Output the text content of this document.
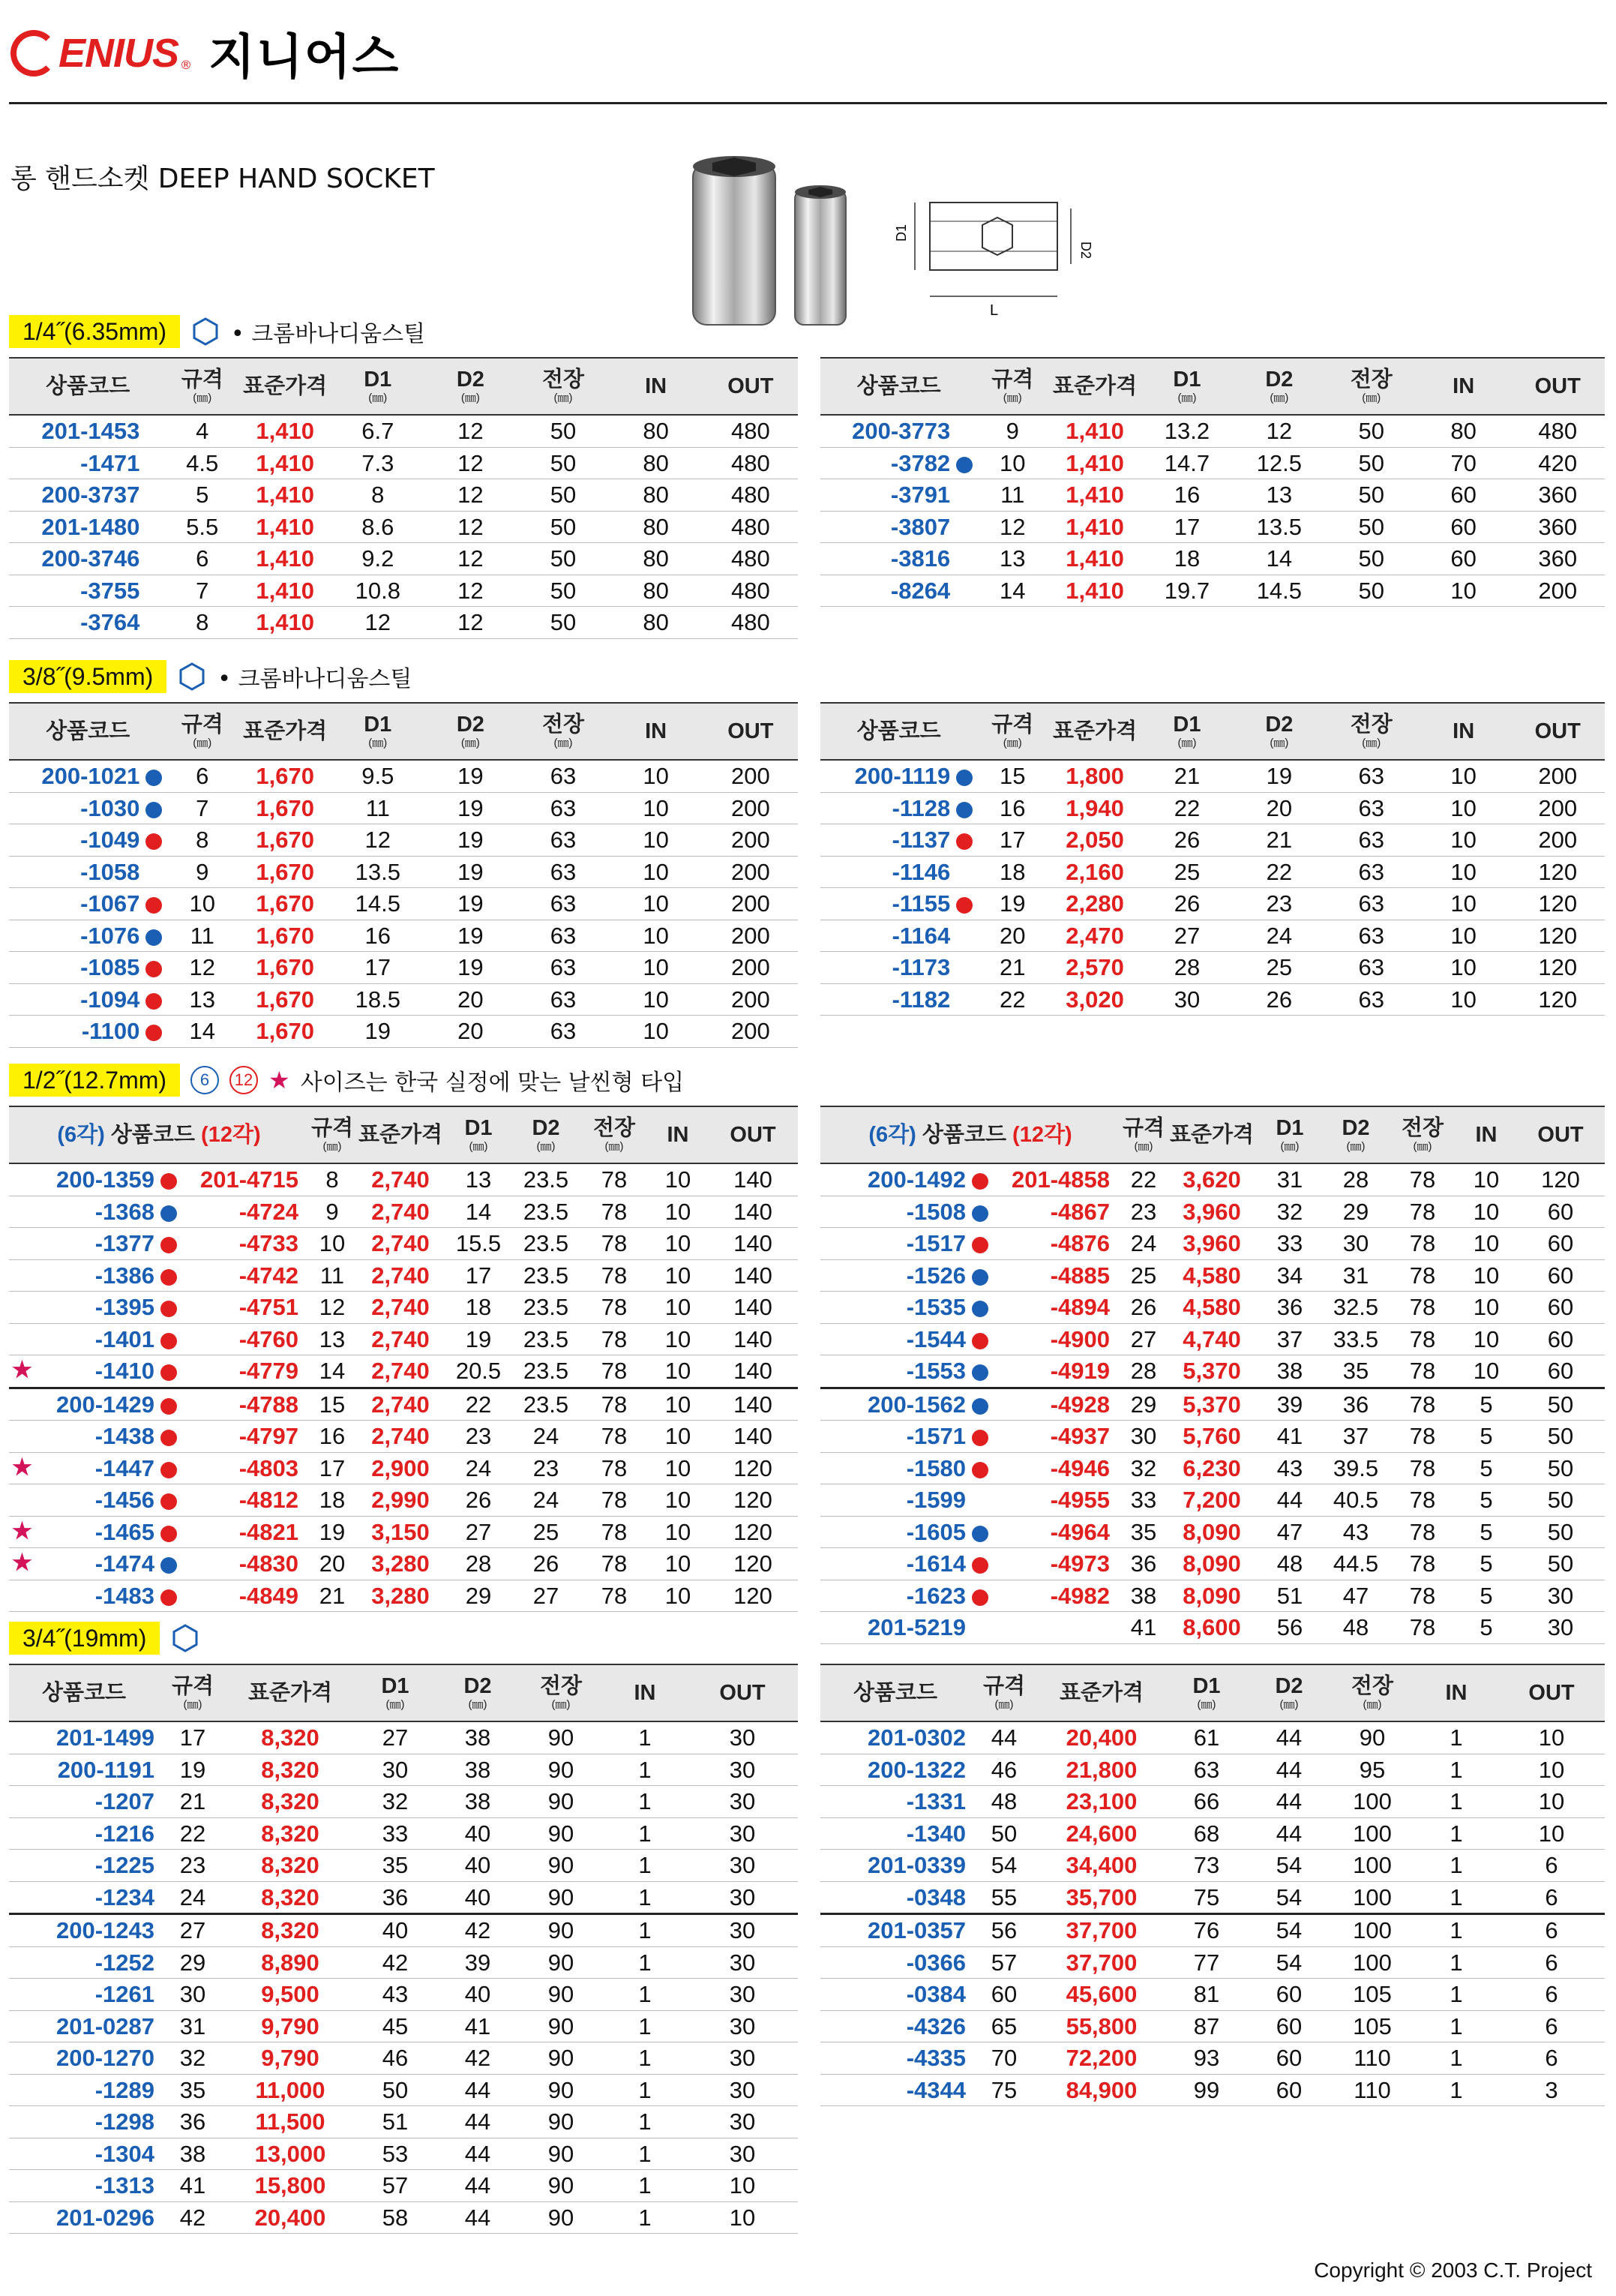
ENIUS ® 지니어스
롱 핸드소켓 DEEP HAND SOCKET
D1
D2
L
1/4˝(6.35mm)	• 크롬바나디움스틸
상품코드	규격
(㎜)	표준가격	D1
(㎜)	D2
(㎜)	전장
(㎜)	IN	OUT
201-1453	4	1,410	6.7	12	50	80	480
-1471	4.5	1,410	7.3	12	50	80	480
200-3737	5	1,410	8	12	50	80	480
201-1480	5.5	1,410	8.6	12	50	80	480
200-3746	6	1,410	9.2	12	50	80	480
-3755	7	1,410	10.8	12	50	80	480
-3764	8	1,410	12	12	50	80	480
상품코드	규격
(㎜)	표준가격	D1
(㎜)	D2
(㎜)	전장
(㎜)	IN	OUT
200-3773	9	1,410	13.2	12	50	80	480
-3782	10	1,410	14.7	12.5	50	70	420
-3791	11	1,410	16	13	50	60	360
-3807	12	1,410	17	13.5	50	60	360
-3816	13	1,410	18	14	50	60	360
-8264	14	1,410	19.7	14.5	50	10	200
3/8˝(9.5mm)	• 크롬바나디움스틸
상품코드	규격
(㎜)	표준가격	D1
(㎜)	D2
(㎜)	전장
(㎜)	IN	OUT
200-1021	6	1,670	9.5	19	63	10	200
-1030	7	1,670	11	19	63	10	200
-1049	8	1,670	12	19	63	10	200
-1058	9	1,670	13.5	19	63	10	200
-1067	10	1,670	14.5	19	63	10	200
-1076	11	1,670	16	19	63	10	200
-1085	12	1,670	17	19	63	10	200
-1094	13	1,670	18.5	20	63	10	200
-1100	14	1,670	19	20	63	10	200
상품코드	규격
(㎜)	표준가격	D1
(㎜)	D2
(㎜)	전장
(㎜)	IN	OUT
200-1119	15	1,800	21	19	63	10	200
-1128	16	1,940	22	20	63	10	200
-1137	17	2,050	26	21	63	10	200
-1146	18	2,160	25	22	63	10	120
-1155	19	2,280	26	23	63	10	120
-1164	20	2,470	27	24	63	10	120
-1173	21	2,570	28	25	63	10	120
-1182	22	3,020	30	26	63	10	120
1/2˝(12.7mm)	6	12 ★ 사이즈는 한국 실정에 맞는 날씬형 타입
(6각) 상품코드 (12각)		규격
(㎜)	표준가격	D1
(㎜)	D2
(㎜)	전장
(㎜)	IN	OUT
200-1359	201-4715	8	2,740	13	23.5	78	10	140
-1368	-4724	9	2,740	14	23.5	78	10	140
-1377	-4733	10	2,740	15.5	23.5	78	10	140
-1386	-4742	11	2,740	17	23.5	78	10	140
-1395	-4751	12	2,740	18	23.5	78	10	140
-1401	-4760	13	2,740	19	23.5	78	10	140

★ -1410	-4779	14	2,740	20.5	23.5	78	10	140
200-1429	-4788	15	2,740	22	23.5	78	10	140
-1438	-4797	16	2,740	23	24	78	10	140

★ -1447	-4803	17	2,900	24	23	78	10	120
-1456	-4812	18	2,990	26	24	78	10	120

★ -1465	-4821	19	3,150	27	25	78	10	120

★ -1474	-4830	20	3,280	28	26	78	10	120
-1483	-4849	21	3,280	29	27	78	10	120
(6각) 상품코드 (12각)		규격
(㎜)	표준가격	D1
(㎜)	D2
(㎜)	전장
(㎜)	IN	OUT
200-1492	201-4858	22	3,620	31	28	78	10	120
-1508	-4867	23	3,960	32	29	78	10	60
-1517	-4876	24	3,960	33	30	78	10	60
-1526	-4885	25	4,580	34	31	78	10	60
-1535	-4894	26	4,580	36	32.5	78	10	60
-1544	-4900	27	4,740	37	33.5	78	10	60
-1553	-4919	28	5,370	38	35	78	10	60
200-1562	-4928	29	5,370	39	36	78	5	50
-1571	-4937	30	5,760	41	37	78	5	50
-1580	-4946	32	6,230	43	39.5	78	5	50
-1599	-4955	33	7,200	44	40.5	78	5	50
-1605	-4964	35	8,090	47	43	78	5	50
-1614	-4973	36	8,090	48	44.5	78	5	50
-1623	-4982	38	8,090	51	47	78	5	30
201-5219		41	8,600	56	48	78	5	30
3/4˝(19mm)
상품코드	규격
(㎜)	표준가격	D1
(㎜)	D2
(㎜)	전장
(㎜)	IN	OUT
201-1499	17	8,320	27	38	90	1	30
200-1191	19	8,320	30	38	90	1	30
-1207	21	8,320	32	38	90	1	30
-1216	22	8,320	33	40	90	1	30
-1225	23	8,320	35	40	90	1	30
-1234	24	8,320	36	40	90	1	30
200-1243	27	8,320	40	42	90	1	30
-1252	29	8,890	42	39	90	1	30
-1261	30	9,500	43	40	90	1	30
201-0287	31	9,790	45	41	90	1	30
200-1270	32	9,790	46	42	90	1	30
-1289	35	11,000	50	44	90	1	30
-1298	36	11,500	51	44	90	1	30
-1304	38	13,000	53	44	90	1	30
-1313	41	15,800	57	44	90	1	10
201-0296	42	20,400	58	44	90	1	10
상품코드	규격
(㎜)	표준가격	D1
(㎜)	D2
(㎜)	전장
(㎜)	IN	OUT
201-0302	44	20,400	61	44	90	1	10
200-1322	46	21,800	63	44	95	1	10
-1331	48	23,100	66	44	100	1	10
-1340	50	24,600	68	44	100	1	10
201-0339	54	34,400	73	54	100	1	6
-0348	55	35,700	75	54	100	1	6
201-0357	56	37,700	76	54	100	1	6
-0366	57	37,700	77	54	100	1	6
-0384	60	45,600	81	60	105	1	6
-4326	65	55,800	87	60	105	1	6
-4335	70	72,200	93	60	110	1	6
-4344	75	84,900	99	60	110	1	3
Copyright © 2003 C.T. Project
